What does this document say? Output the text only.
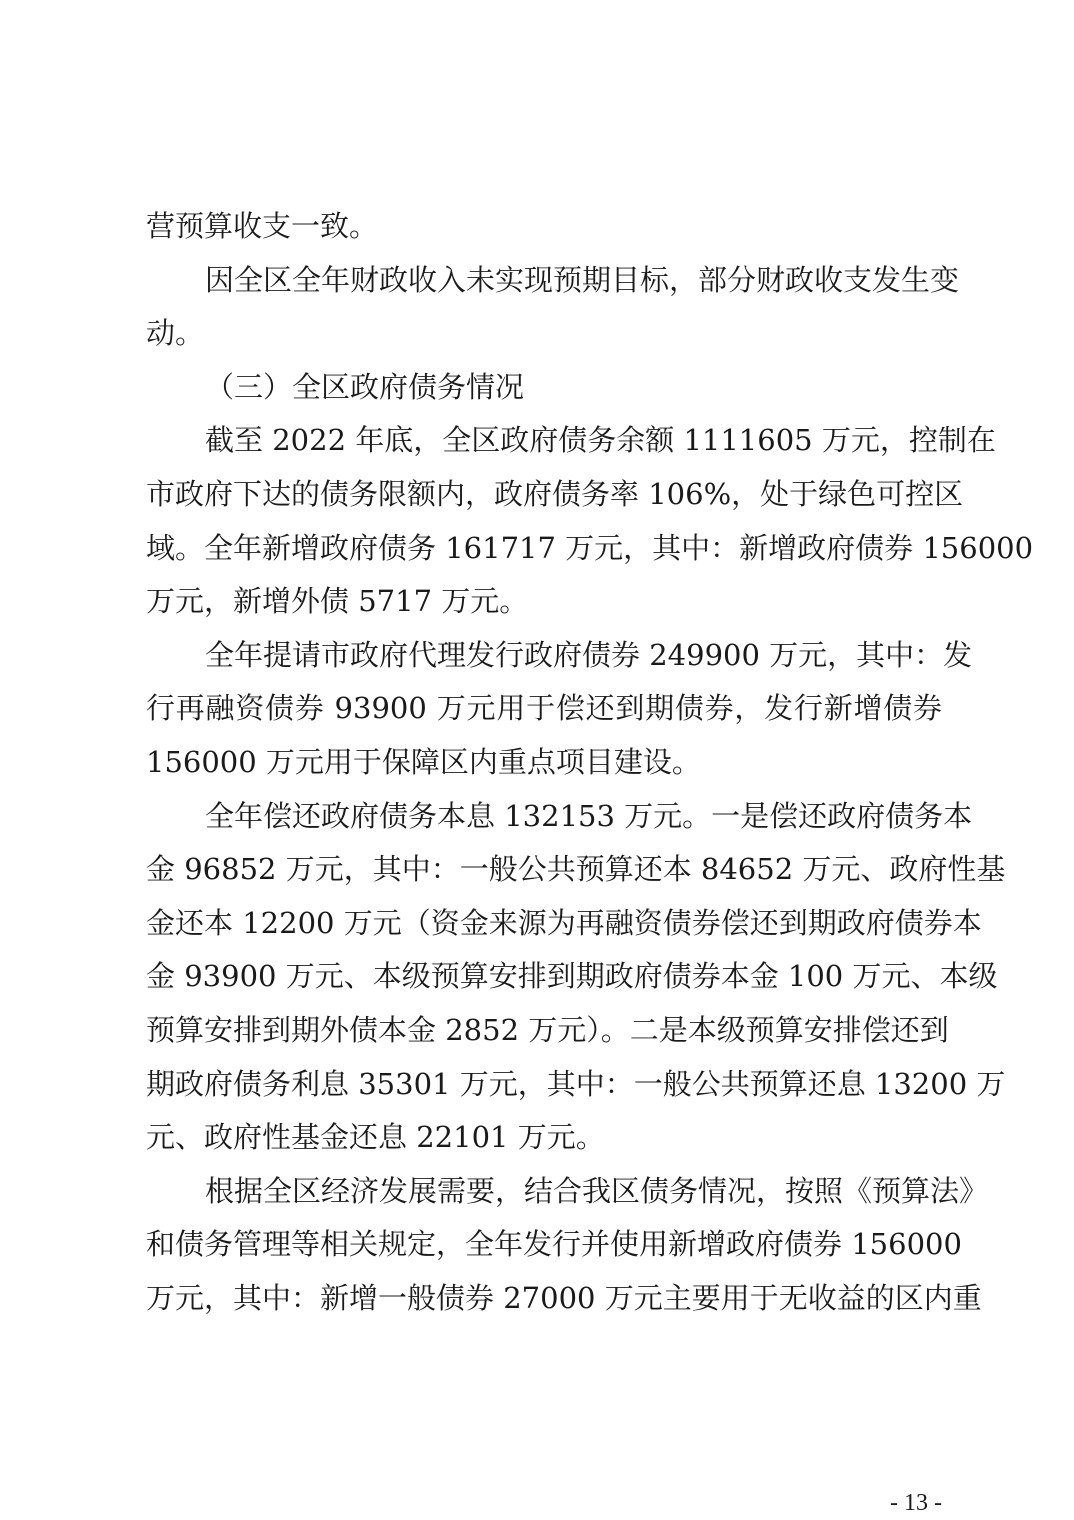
营预算收支一致。
因全区全年财政收入未实现预期目标，部分财政收支发生变
动。
（三）全区政府债务情况
截至 2022 年底，全区政府债务余额 1111605 万元，控制在
市政府下达的债务限额内，政府债务率 106%，处于绿色可控区
域。全年新增政府债务 161717 万元，其中：新增政府债券 156000
万元，新增外债 5717 万元。
全年提请市政府代理发行政府债券 249900 万元，其中：发
行再融资债券 93900 万元用于偿还到期债券，发行新增债券
156000 万元用于保障区内重点项目建设。
全年偿还政府债务本息 132153 万元。一是偿还政府债务本
金 96852 万元，其中：一般公共预算还本 84652 万元、政府性基
金还本 12200 万元（资金来源为再融资债券偿还到期政府债券本
金 93900 万元、本级预算安排到期政府债券本金 100 万元、本级
预算安排到期外债本金 2852 万元）。二是本级预算安排偿还到
期政府债务利息 35301 万元，其中：一般公共预算还息 13200 万
元、政府性基金还息 22101 万元。
根据全区经济发展需要，结合我区债务情况，按照《预算法》
和债务管理等相关规定，全年发行并使用新增政府债券 156000
万元，其中：新增一般债券 27000 万元主要用于无收益的区内重
- 13 -
